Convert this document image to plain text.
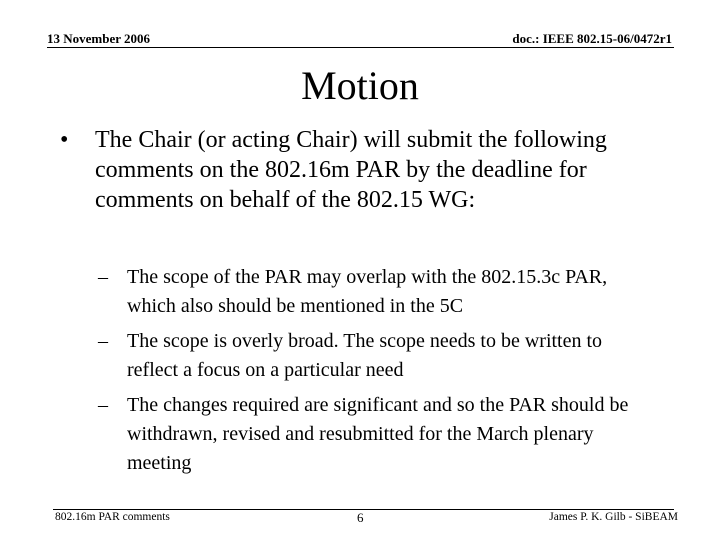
13 November 2006	doc.: IEEE 802.15-06/0472r1
Motion
• The Chair (or acting Chair) will submit the following comments on the 802.16m PAR by the deadline for comments on behalf of the 802.15 WG:
– The scope of the PAR may overlap with the 802.15.3c PAR, which also should be mentioned in the 5C
– The scope is overly broad. The scope needs to be written to reflect a focus on a particular need
– The changes required are significant and so the PAR should be withdrawn, revised and resubmitted for the March plenary meeting
802.16m PAR comments	6	James P. K. Gilb - SiBEAM
